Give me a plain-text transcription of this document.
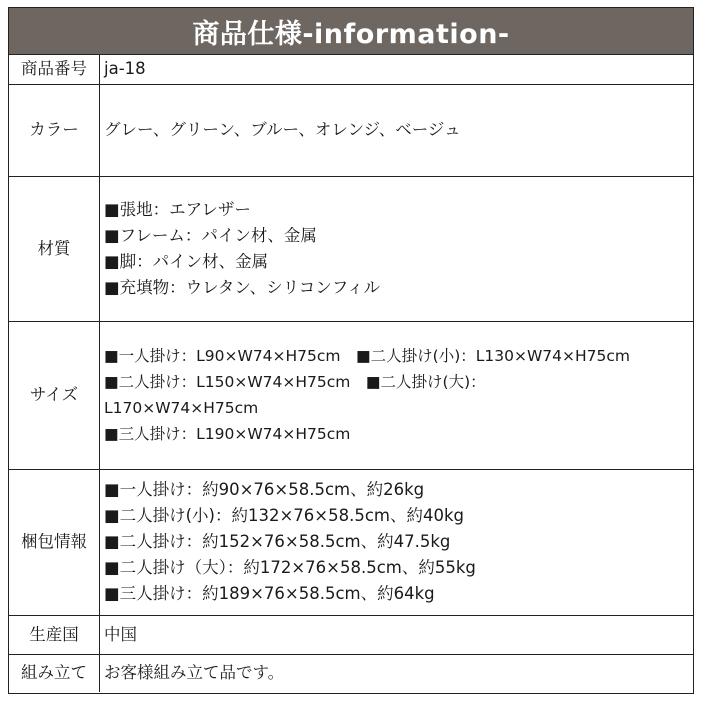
商品仕様-information-
商品番号	ja-18
カラー	グレー、グリーン、ブルー、オレンジ、ベージュ
材質	■張地：エアレザー
■フレーム：パイン材、金属
■脚：パイン材、金属
■充填物：ウレタン、シリコンフィル

サイズ	■一人掛け：L90×W74×H75cm　■二人掛け(小)：L130×W74×H75cm
■二人掛け：L150×W74×H75cm　■二人掛け(大)：
L170×W74×H75cm
■三人掛け：L190×W74×H75cm

梱包情報	■一人掛け：約90×76×58.5cm、約26kg
■二人掛け(小)：約132×76×58.5cm、約40kg
■二人掛け：約152×76×58.5cm、約47.5kg
■二人掛け（大）：約172×76×58.5cm、約55kg
■三人掛け：約189×76×58.5cm、約64kg

生産国	中国
組み立て	お客様組み立て品です。
